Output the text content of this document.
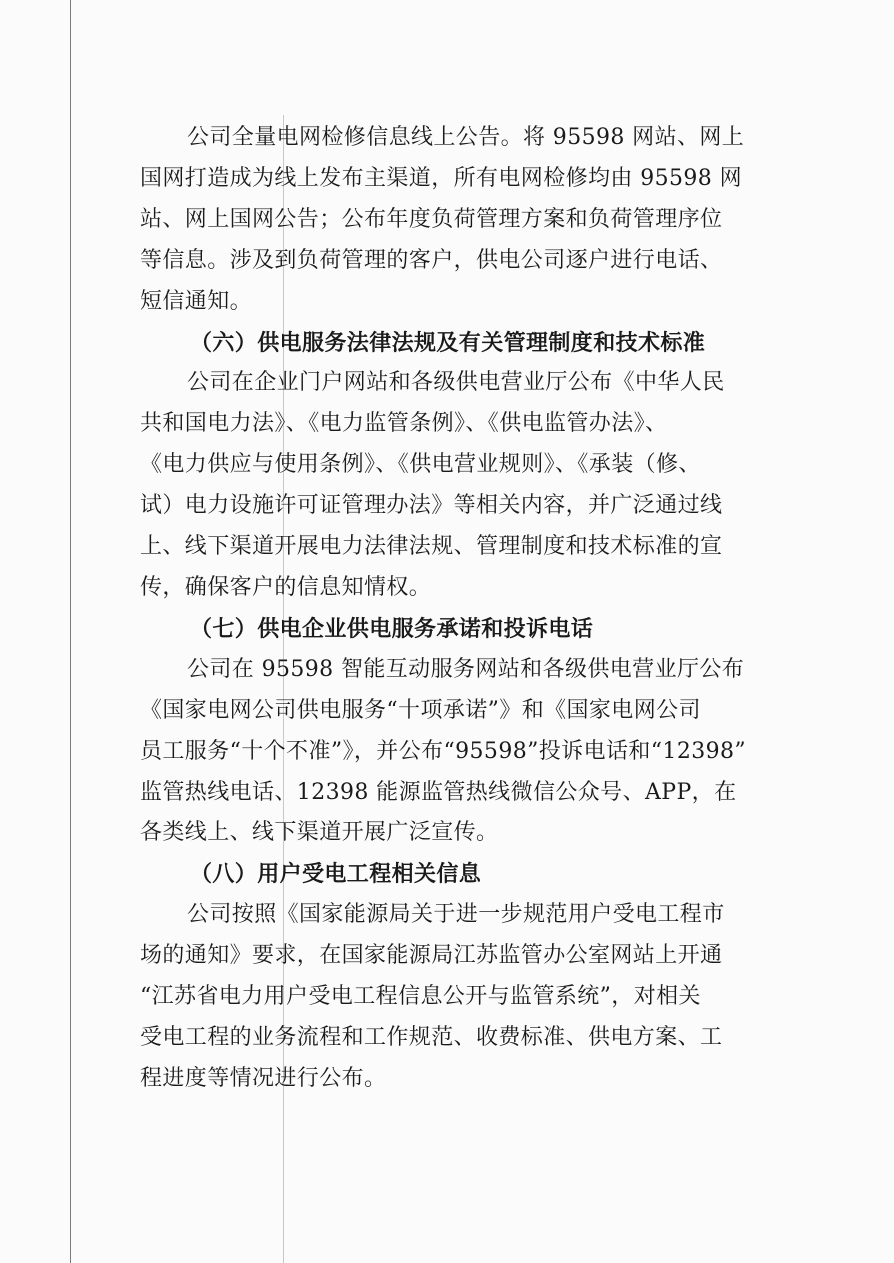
公司全量电网检修信息线上公告。将 95598 网站、网上
国网打造成为线上发布主渠道，所有电网检修均由 95598 网
站、网上国网公告；公布年度负荷管理方案和负荷管理序位
等信息。涉及到负荷管理的客户，供电公司逐户进行电话、
短信通知。
（六）供电服务法律法规及有关管理制度和技术标准
公司在企业门户网站和各级供电营业厅公布《中华人民
共和国电力法》、《电力监管条例》、《供电监管办法》、
《电力供应与使用条例》、《供电营业规则》、《承装（修、
试）电力设施许可证管理办法》等相关内容，并广泛通过线
上、线下渠道开展电力法律法规、管理制度和技术标准的宣
传，确保客户的信息知情权。
（七）供电企业供电服务承诺和投诉电话
公司在 95598 智能互动服务网站和各级供电营业厅公布
《国家电网公司供电服务“十项承诺”》和《国家电网公司
员工服务“十个不准”》，并公布“95598”投诉电话和“12398”
监管热线电话、12398 能源监管热线微信公众号、APP，在
各类线上、线下渠道开展广泛宣传。
（八）用户受电工程相关信息
公司按照《国家能源局关于进一步规范用户受电工程市
场的通知》要求，在国家能源局江苏监管办公室网站上开通
“江苏省电力用户受电工程信息公开与监管系统”，对相关
受电工程的业务流程和工作规范、收费标准、供电方案、工
程进度等情况进行公布。
